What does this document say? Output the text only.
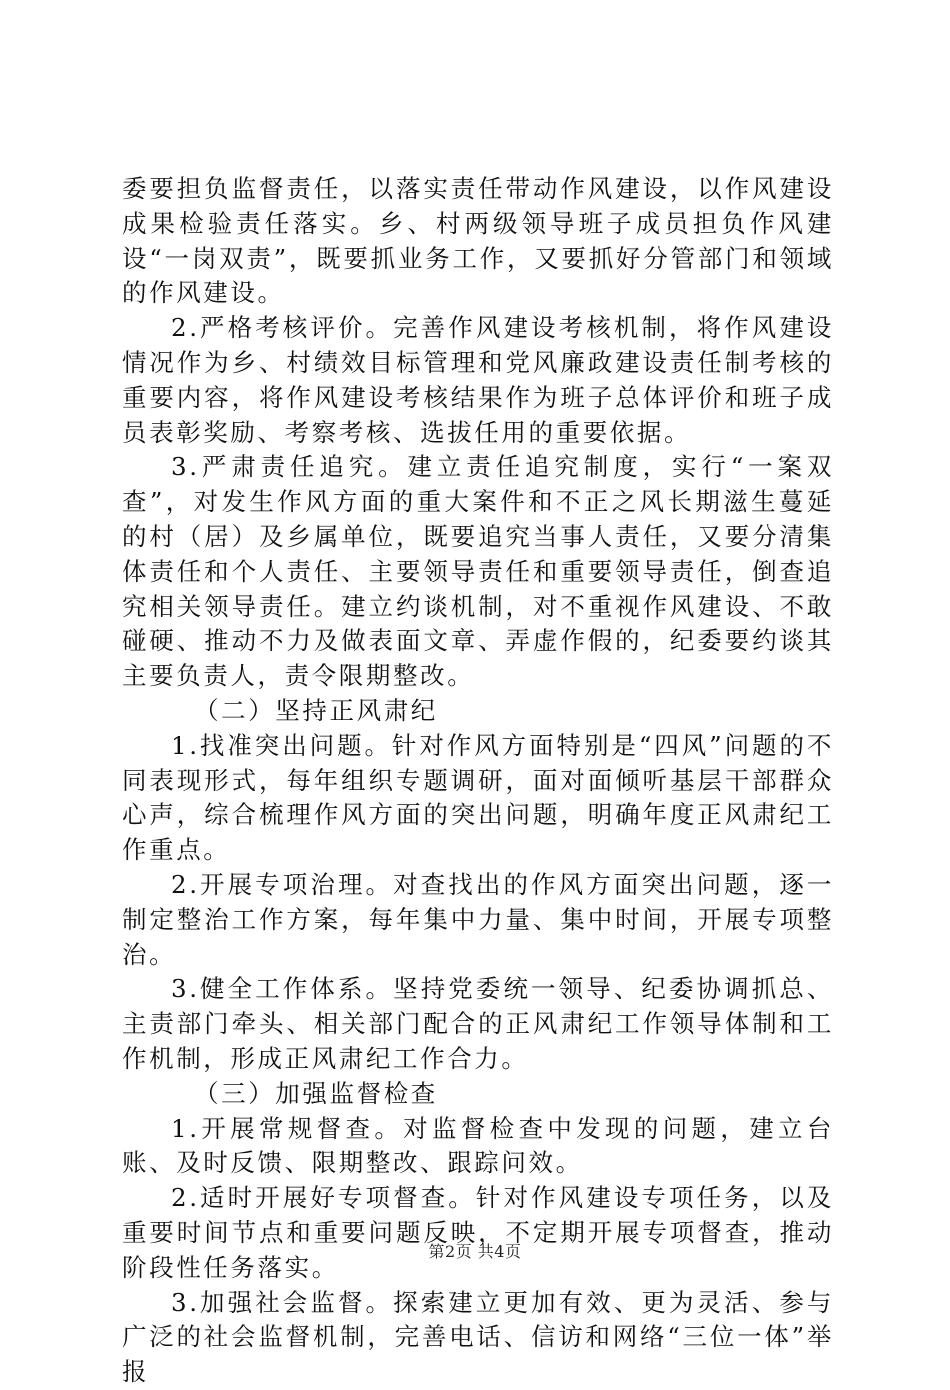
委要担负监督责任，以落实责任带动作风建设，以作风建设成果检验责任落实。乡、村两级领导班子成员担负作风建设“一岗双责”，既要抓业务工作，又要抓好分管部门和领域的作风建设。

2.严格考核评价。完善作风建设考核机制，将作风建设情况作为乡、村绩效目标管理和党风廉政建设责任制考核的重要内容，将作风建设考核结果作为班子总体评价和班子成员表彰奖励、考察考核、选拔任用的重要依据。

3.严肃责任追究。建立责任追究制度，实行“一案双查”，对发生作风方面的重大案件和不正之风长期滋生蔓延的村（居）及乡属单位，既要追究当事人责任，又要分清集体责任和个人责任、主要领导责任和重要领导责任，倒查追究相关领导责任。建立约谈机制，对不重视作风建设、不敢碰硬、推动不力及做表面文章、弄虚作假的，纪委要约谈其主要负责人，责令限期整改。

（二）坚持正风肃纪

1.找准突出问题。针对作风方面特别是“四风”问题的不同表现形式，每年组织专题调研，面对面倾听基层干部群众心声，综合梳理作风方面的突出问题，明确年度正风肃纪工作重点。

2.开展专项治理。对查找出的作风方面突出问题，逐一制定整治工作方案，每年集中力量、集中时间，开展专项整治。

3.健全工作体系。坚持党委统一领导、纪委协调抓总、主责部门牵头、相关部门配合的正风肃纪工作领导体制和工作机制，形成正风肃纪工作合力。

（三）加强监督检查

1.开展常规督查。对监督检查中发现的问题，建立台账、及时反馈、限期整改、跟踪问效。

2.适时开展好专项督查。针对作风建设专项任务，以及重要时间节点和重要问题反映，不定期开展专项督查，推动阶段性任务落实。

3.加强社会监督。探索建立更加有效、更为灵活、参与广泛的社会监督机制，完善电话、信访和网络“三位一体”举报

第2页 共4页
